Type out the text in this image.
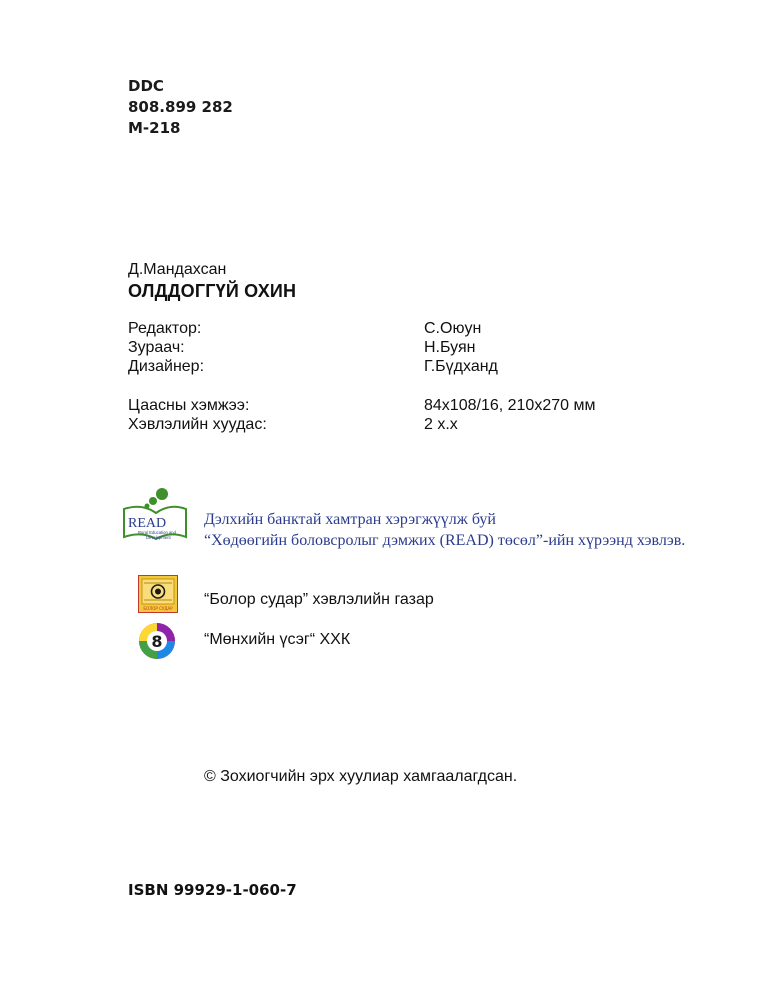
DDC
808.899 282
M-218
Д.Мандахсан
ОЛДДОГГҮЙ ОХИН
Редактор:	С.Оюун
Зураач:	Н.Буян
Дизайнер:	Г.Бүдханд
Цаасны хэмжээ:	84x108/16, 210x270 мм
Хэвлэлийн хуудас:	2 х.х
READ
Rural Education and
Development
Дэлхийн банктай хамтран хэрэгжүүлж буй
“Хөдөөгийн боловсролыг дэмжих (READ) төсөл”-ийн хүрээнд хэвлэв.
БОЛОР СУДАР
“Болор судар” хэвлэлийн газар
8	“Мөнхийн үсэг“ ХХК
© Зохиогчийн эрх хуулиар хамгаалагдсан.
ISBN 99929-1-060-7
